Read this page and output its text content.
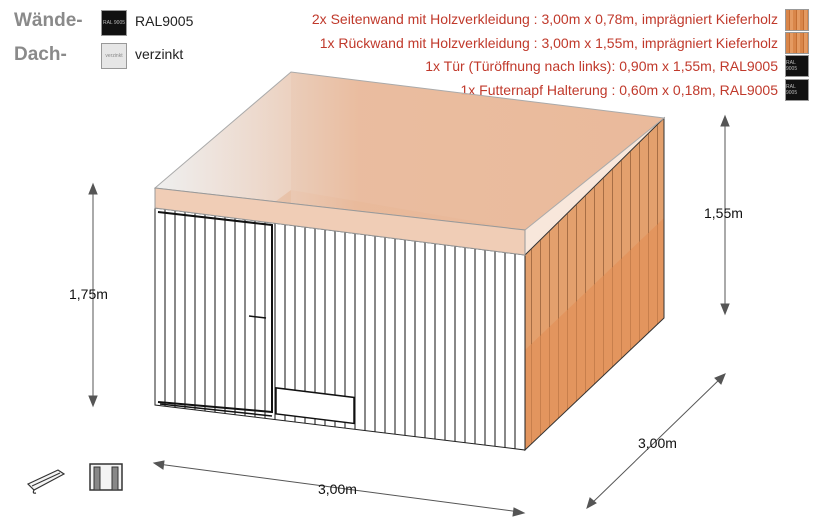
Wände-
Dach-
RAL 9005
verzinkt
RAL9005
verzinkt
2x Seitenwand mit Holzverkleidung : 3,00m x 0,78m, imprägniert Kieferholz
1x Rückwand mit Holzverkleidung : 3,00m x 1,55m, imprägniert Kieferholz
1x Tür (Türöffnung nach links): 0,90m x 1,55m, RAL9005
1x Futternapf Halterung : 0,60m x 0,18m, RAL9005
RAL 9005
RAL 9005
1,75m
1,55m
3,00m
3,00m
